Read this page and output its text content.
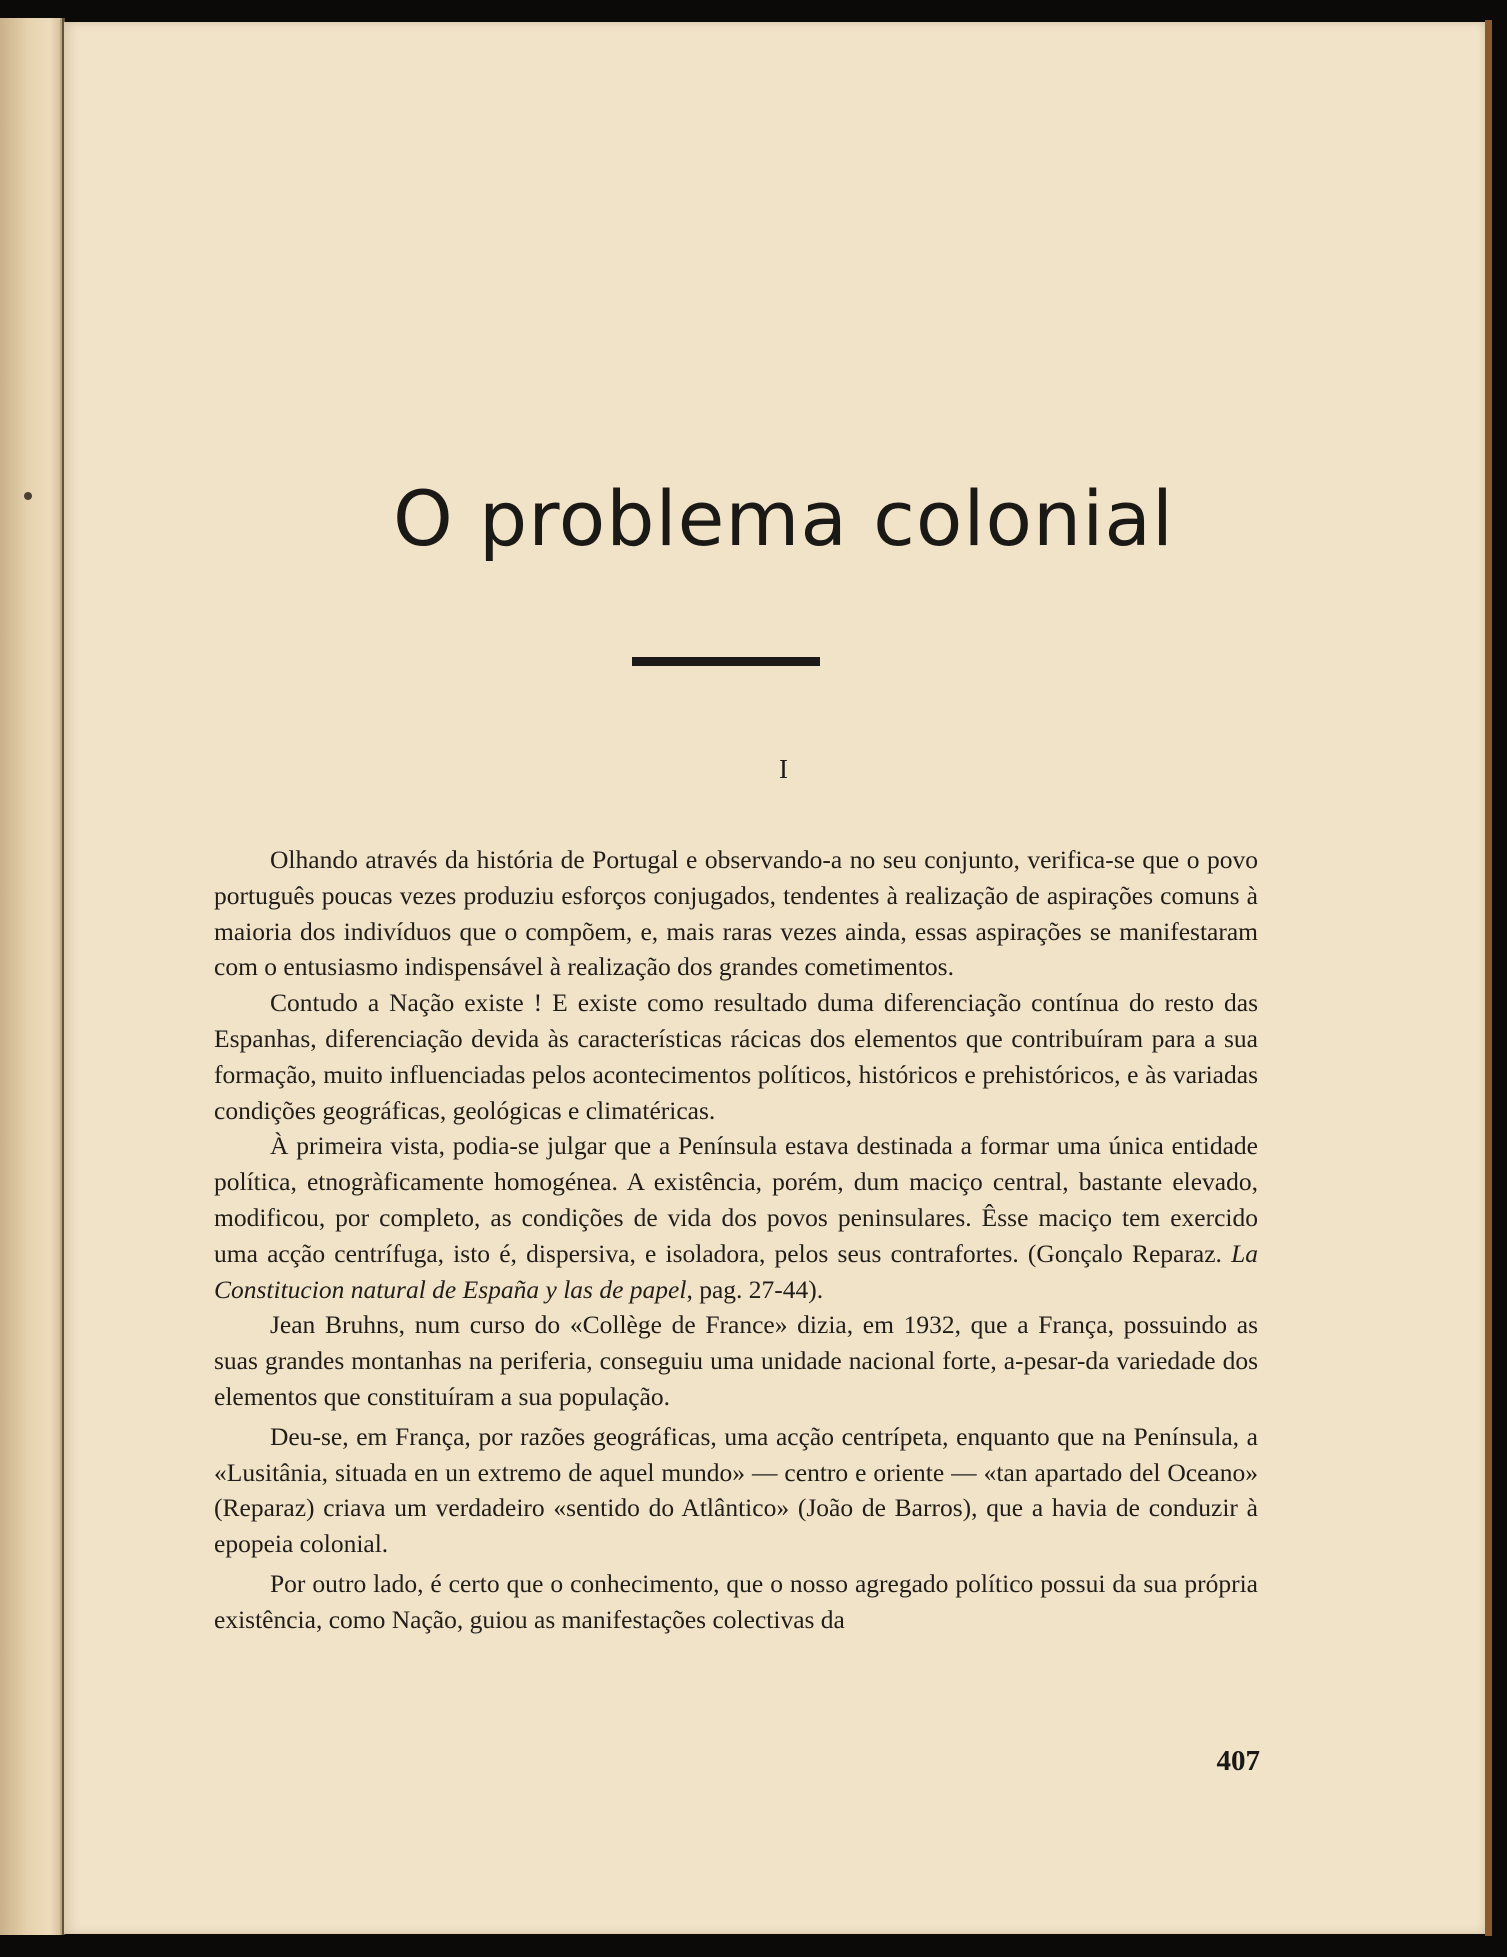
O problema colonial
I

Olhando através da história de Portugal e observando-a no seu conjunto, verifica-se que o povo português poucas vezes produziu esforços conjugados, tendentes à realização de aspirações comuns à maioria dos indivíduos que o compõem, e, mais raras vezes ainda, essas aspirações se manifestaram com o entusiasmo indispensável à realização dos grandes cometimentos.

Contudo a Nação existe ! E existe como resultado duma diferenciação contínua do resto das Espanhas, diferenciação devida às características rácicas dos elementos que contribuíram para a sua formação, muito influenciadas pelos acontecimentos políticos, históricos e prehistóricos, e às variadas condições geográficas, geológicas e climatéricas.

À primeira vista, podia-se julgar que a Península estava destinada a formar uma única entidade política, etnogràficamente homogénea. A existência, porém, dum maciço central, bastante elevado, modificou, por completo, as condições de vida dos povos peninsulares. Êsse maciço tem exercido uma acção centrífuga, isto é, dispersiva, e isoladora, pelos seus contrafortes. (Gonçalo Reparaz. La Constitucion natural de España y las de papel, pag. 27-44).

Jean Bruhns, num curso do «Collège de France» dizia, em 1932, que a França, possuindo as suas grandes montanhas na periferia, conseguiu uma unidade nacional forte, a-pesar-da variedade dos elementos que constituíram a sua população.

Deu-se, em França, por razões geográficas, uma acção centrípeta, enquanto que na Península, a «Lusitânia, situada en un extremo de aquel mundo» — centro e oriente — «tan apartado del Oceano» (Reparaz) criava um verdadeiro «sentido do Atlântico» (João de Barros), que a havia de conduzir à epopeia colonial.

Por outro lado, é certo que o conhecimento, que o nosso agregado político possui da sua própria existência, como Nação, guiou as manifestações colectivas da

407
